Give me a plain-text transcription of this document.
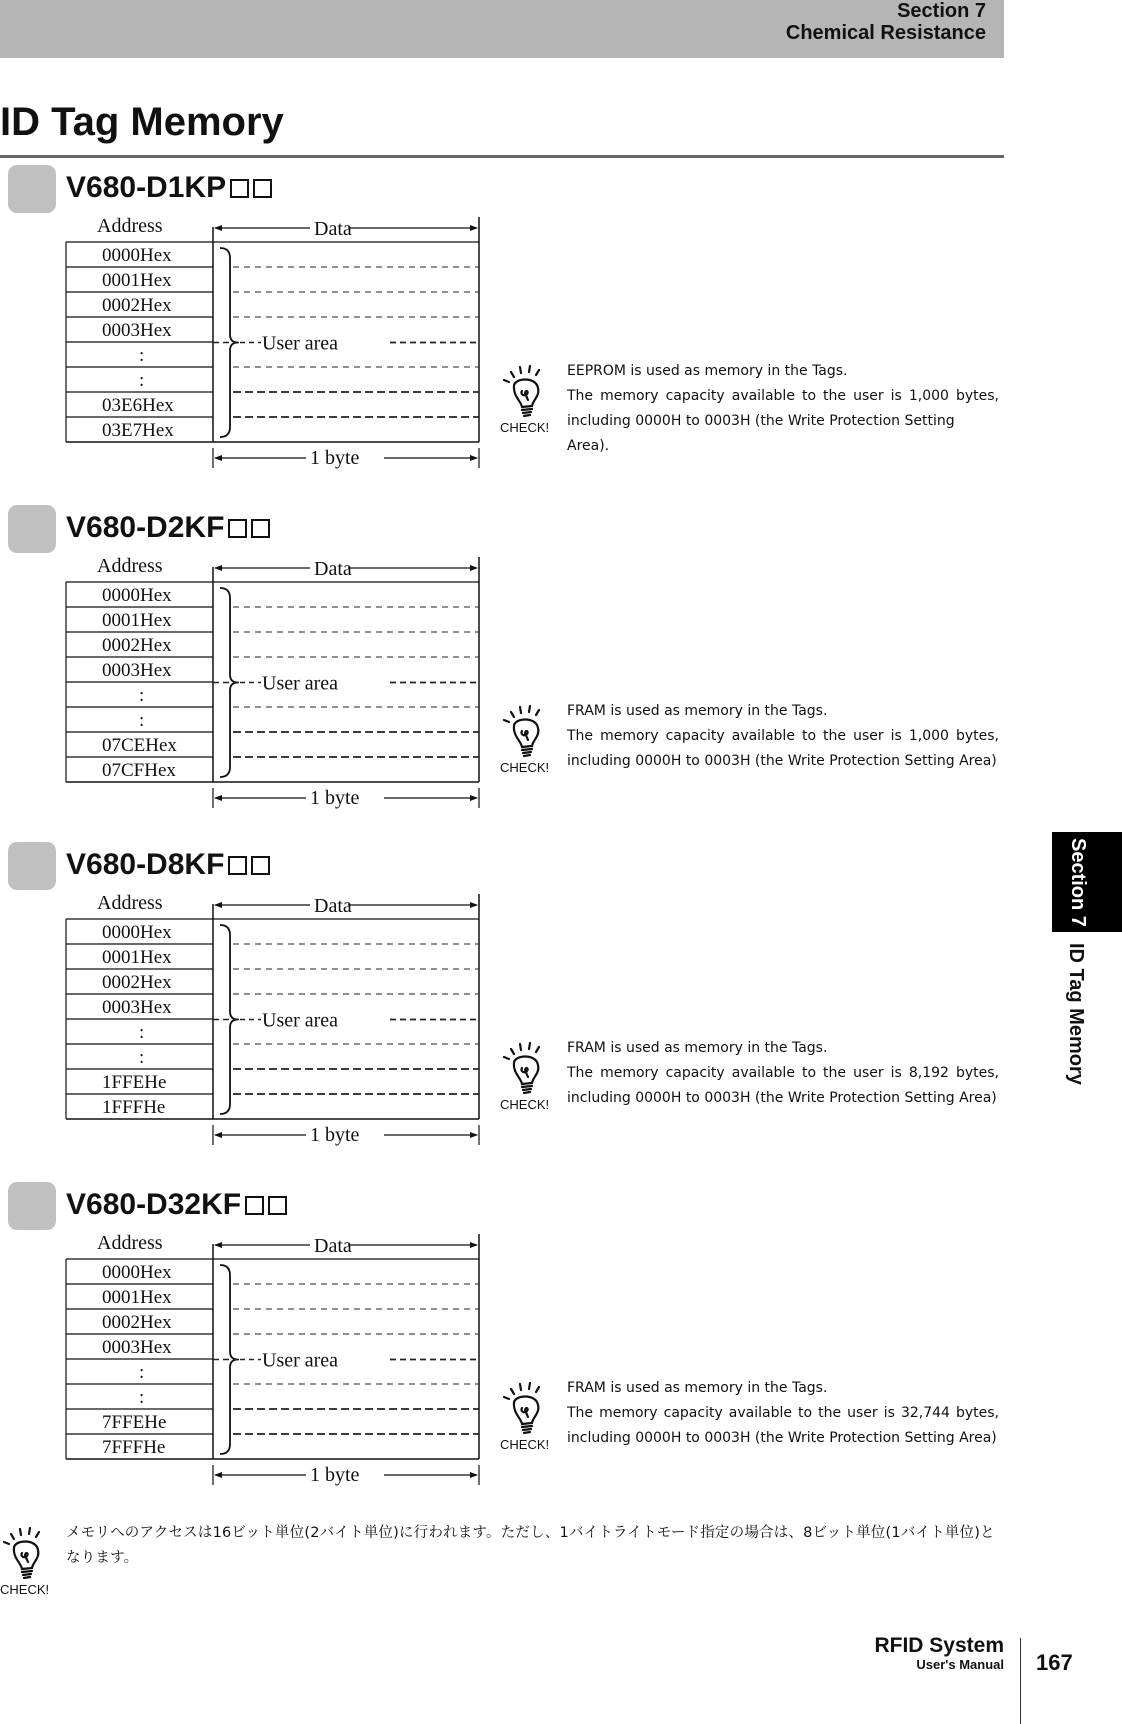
Section 7
Chemical Resistance
ID Tag Memory
V680-D1KP
Address	Data
0000Hex
0001Hex
0002Hex
0003Hex
:
:
03E6Hex
03E7Hex
User area
1 byte
CHECK!

EEPROM is used as memory in the Tags.

The memory capacity available to the user is 1,000 bytes,

including 0000H to 0003H (the Write Protection Setting Area).

V680-D2KF
Address	Data
0000Hex
0001Hex
0002Hex
0003Hex
:
:
07CEHex
07CFHex
User area
1 byte
CHECK!

FRAM is used as memory in the Tags.

The memory capacity available to the user is 1,000 bytes,

including 0000H to 0003H (the Write Protection Setting Area)

V680-D8KF
Address	Data
0000Hex
0001Hex
0002Hex
0003Hex
:
:
1FFEHe
1FFFHe
User area
1 byte
CHECK!

FRAM is used as memory in the Tags.

The memory capacity available to the user is 8,192 bytes,

including 0000H to 0003H (the Write Protection Setting Area)

V680-D32KF
Address	Data
0000Hex
0001Hex
0002Hex
0003Hex
:
:
7FFEHe
7FFFHe
User area
1 byte
CHECK!

FRAM is used as memory in the Tags.

The memory capacity available to the user is 32,744 bytes,

including 0000H to 0003H (the Write Protection Setting Area)

CHECK!
メモリへのアクセスは16ビット単位(2バイト単位)に行われます。ただし、1バイトライトモード指定の場合は、8ビット単位(1バイト単位)となります。
Section 7
ID Tag Memory
RFID System
User's Manual 167
